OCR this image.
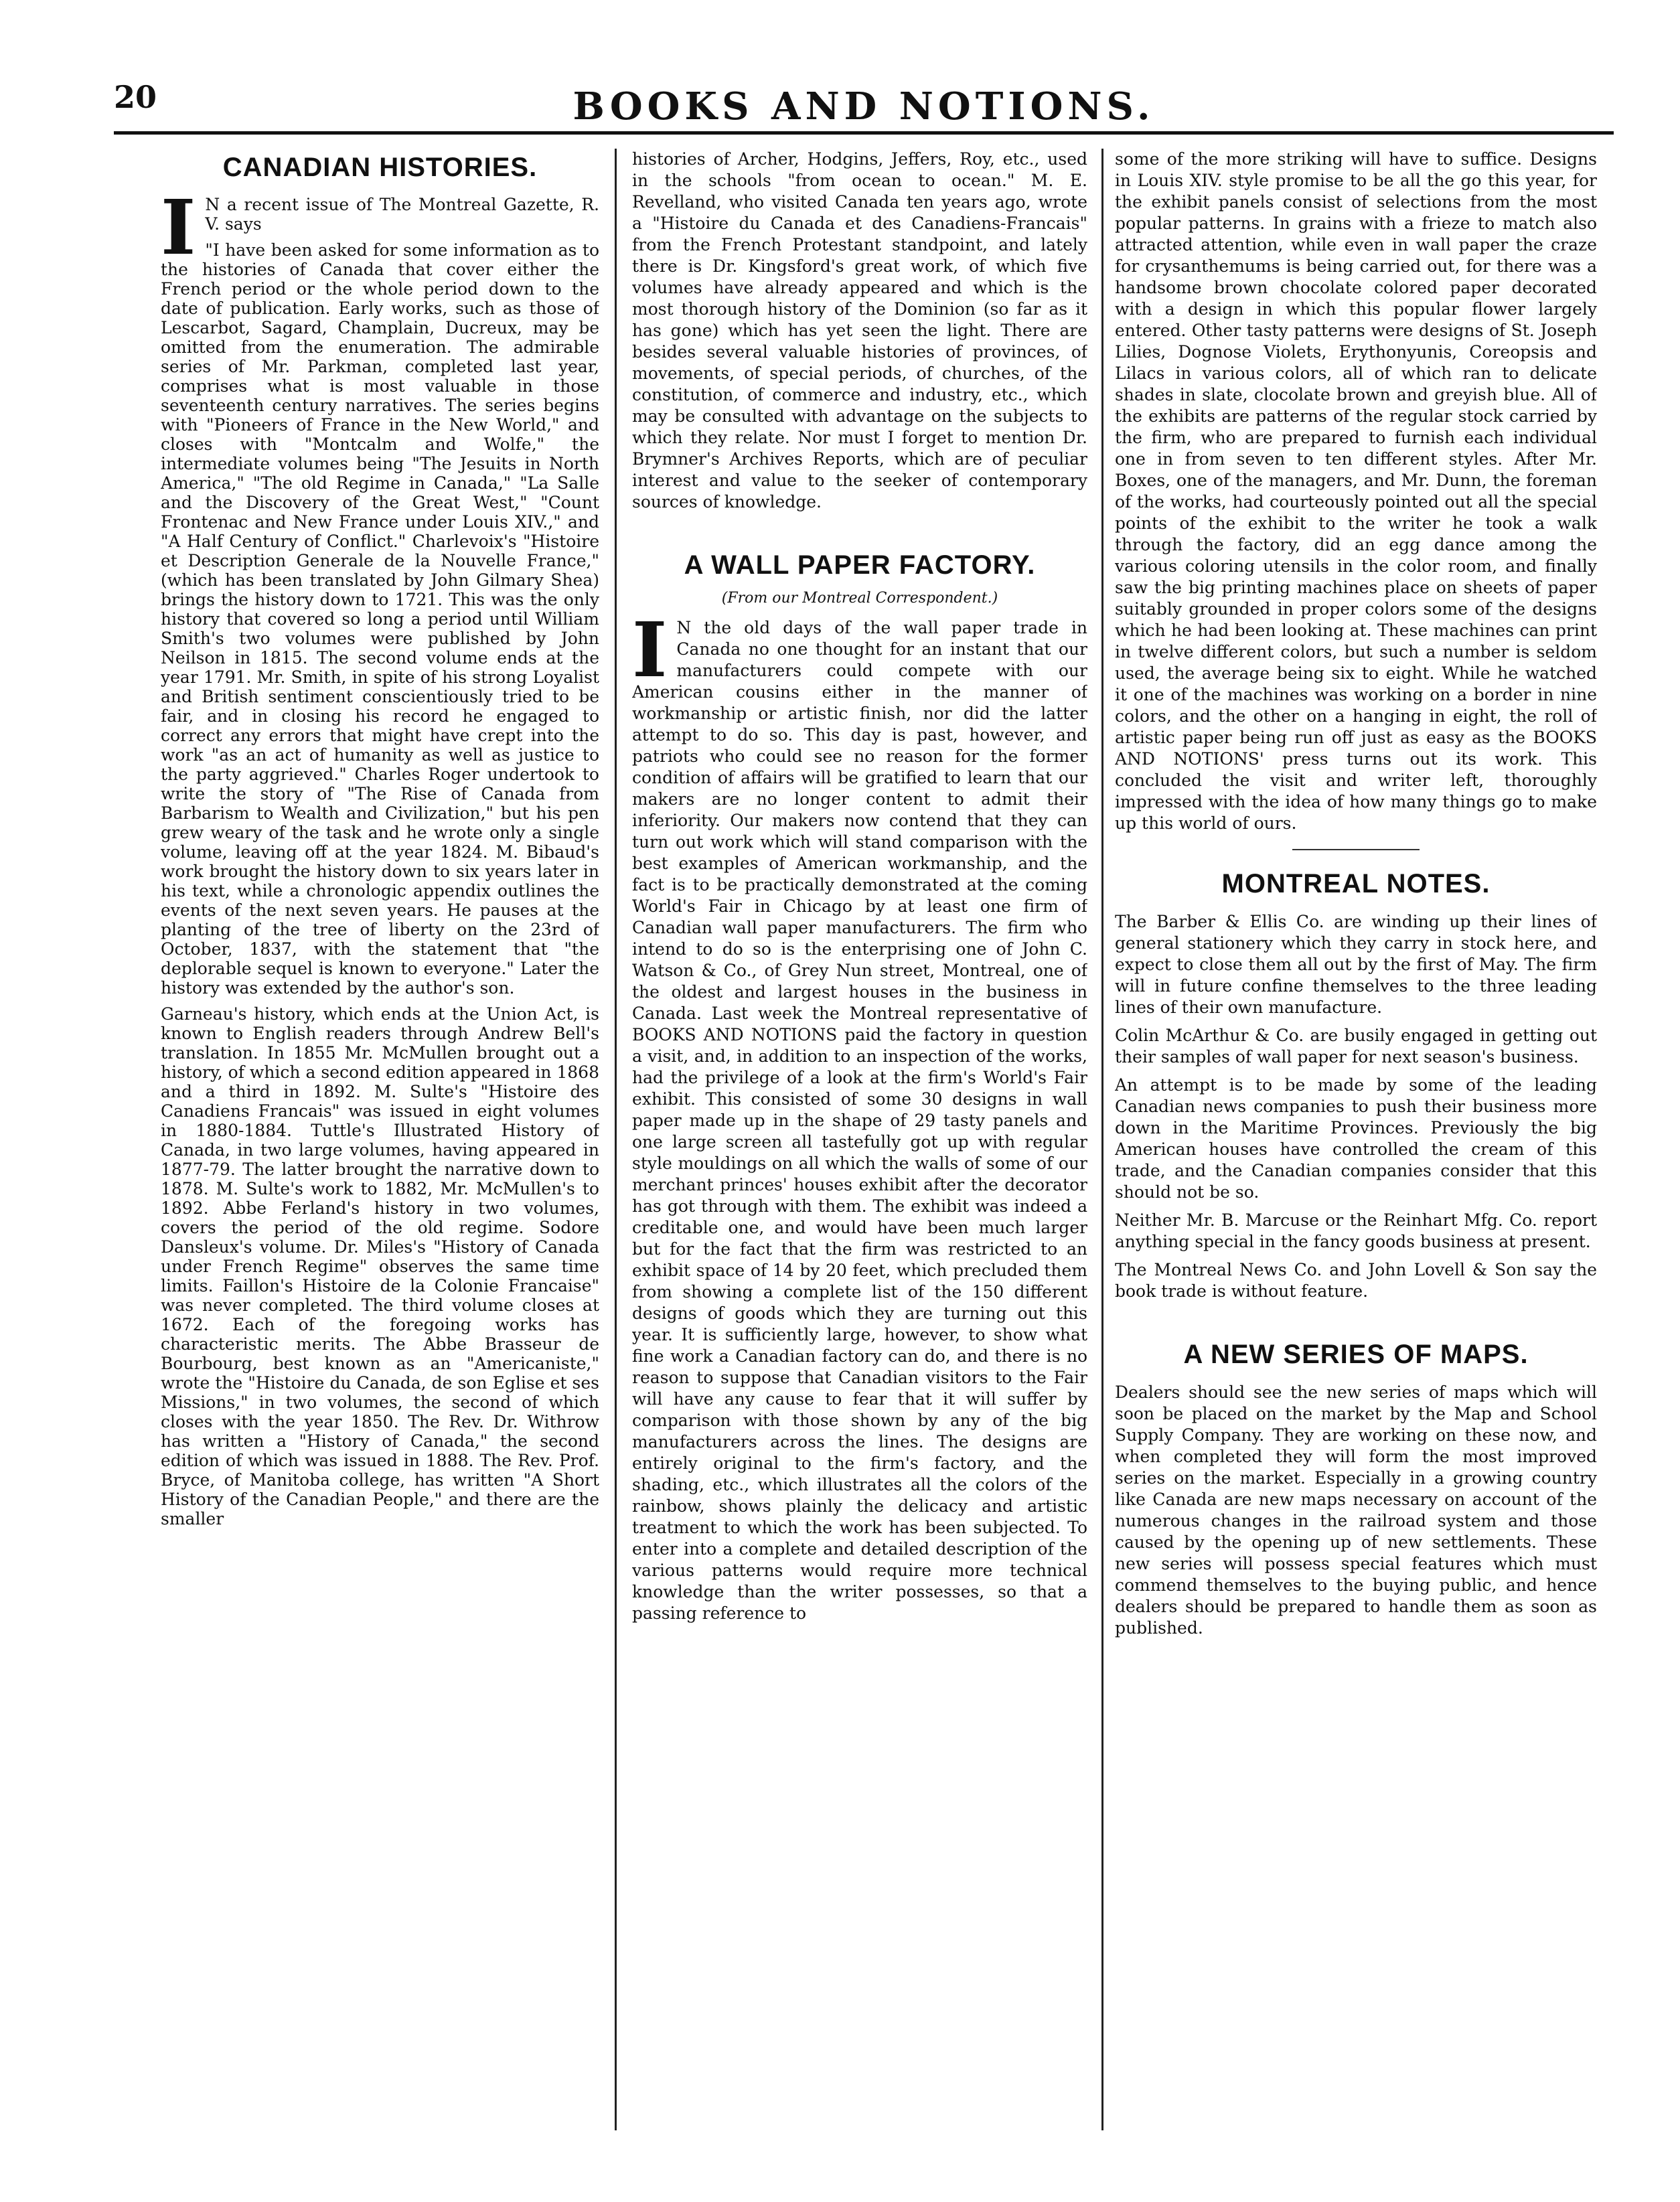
20	BOOKS AND NOTIONS.
CANADIAN HISTORIES.

I N a recent issue of The Montreal Gazette, R. V. says

"I have been asked for some information as to the histories of Canada that cover either the French period or the whole period down to the date of publication. Early works, such as those of Lescarbot, Sagard, Champlain, Ducreux, may be omitted from the enumeration. The admirable series of Mr. Parkman, completed last year, comprises what is most valuable in those seventeenth century narratives. The series begins with "Pioneers of France in the New World," and closes with "Montcalm and Wolfe," the intermediate volumes being "The Jesuits in North America," "The old Regime in Canada," "La Salle and the Discovery of the Great West," "Count Frontenac and New France under Louis XIV.," and "A Half Century of Conflict." Charlevoix's "Histoire et Description Generale de la Nouvelle France," (which has been translated by John Gilmary Shea) brings the history down to 1721. This was the only history that covered so long a period until William Smith's two volumes were published by John Neilson in 1815. The second volume ends at the year 1791. Mr. Smith, in spite of his strong Loyalist and British sentiment conscientiously tried to be fair, and in closing his record he engaged to correct any errors that might have crept into the work "as an act of humanity as well as justice to the party aggrieved." Charles Roger undertook to write the story of "The Rise of Canada from Barbarism to Wealth and Civilization," but his pen grew weary of the task and he wrote only a single volume, leaving off at the year 1824. M. Bibaud's work brought the history down to six years later in his text, while a chronologic appendix outlines the events of the next seven years. He pauses at the planting of the tree of liberty on the 23rd of October, 1837, with the statement that "the deplorable sequel is known to everyone." Later the history was extended by the author's son.

Garneau's history, which ends at the Union Act, is known to English readers through Andrew Bell's translation. In 1855 Mr. McMullen brought out a history, of which a second edition appeared in 1868 and a third in 1892. M. Sulte's "Histoire des Canadiens Francais" was issued in eight volumes in 1880-1884. Tuttle's Illustrated History of Canada, in two large volumes, having appeared in 1877-79. The latter brought the narrative down to 1878. M. Sulte's work to 1882, Mr. McMullen's to 1892. Abbe Ferland's history in two volumes, covers the period of the old regime. Sodore Dansleux's volume. Dr. Miles's "History of Canada under French Regime" observes the same time limits. Faillon's Histoire de la Colonie Francaise" was never completed. The third volume closes at 1672. Each of the foregoing works has characteristic merits. The Abbe Brasseur de Bourbourg, best known as an "Americaniste," wrote the "Histoire du Canada, de son Eglise et ses Missions," in two volumes, the second of which closes with the year 1850. The Rev. Dr. Withrow has written a "History of Canada," the second edition of which was issued in 1888. The Rev. Prof. Bryce, of Manitoba college, has written "A Short History of the Canadian People," and there are the smaller

histories of Archer, Hodgins, Jeffers, Roy, etc., used in the schools "from ocean to ocean." M. E. Revelland, who visited Canada ten years ago, wrote a "Histoire du Canada et des Canadiens-Francais" from the French Protestant standpoint, and lately there is Dr. Kingsford's great work, of which five volumes have already appeared and which is the most thorough history of the Dominion (so far as it has gone) which has yet seen the light. There are besides several valuable histories of provinces, of movements, of special periods, of churches, of the constitution, of commerce and industry, etc., which may be consulted with advantage on the subjects to which they relate. Nor must I forget to mention Dr. Brymner's Archives Reports, which are of peculiar interest and value to the seeker of contemporary sources of knowledge.

A WALL PAPER FACTORY.
(From our Montreal Correspondent.)

I N the old days of the wall paper trade in Canada no one thought for an instant that our manufacturers could compete with our American cousins either in the manner of workmanship or artistic finish, nor did the latter attempt to do so. This day is past, however, and patriots who could see no reason for the former condition of affairs will be gratified to learn that our makers are no longer content to admit their inferiority. Our makers now contend that they can turn out work which will stand comparison with the best examples of American workmanship, and the fact is to be practically demonstrated at the coming World's Fair in Chicago by at least one firm of Canadian wall paper manufacturers. The firm who intend to do so is the enterprising one of John C. Watson & Co., of Grey Nun street, Montreal, one of the oldest and largest houses in the business in Canada. Last week the Montreal representative of BOOKS AND NOTIONS paid the factory in question a visit, and, in addition to an inspection of the works, had the privilege of a look at the firm's World's Fair exhibit. This consisted of some 30 designs in wall paper made up in the shape of 29 tasty panels and one large screen all tastefully got up with regular style mouldings on all which the walls of some of our merchant princes' houses exhibit after the decorator has got through with them. The exhibit was indeed a creditable one, and would have been much larger but for the fact that the firm was restricted to an exhibit space of 14 by 20 feet, which precluded them from showing a complete list of the 150 different designs of goods which they are turning out this year. It is sufficiently large, however, to show what fine work a Canadian factory can do, and there is no reason to suppose that Canadian visitors to the Fair will have any cause to fear that it will suffer by comparison with those shown by any of the big manufacturers across the lines. The designs are entirely original to the firm's factory, and the shading, etc., which illustrates all the colors of the rainbow, shows plainly the delicacy and artistic treatment to which the work has been subjected. To enter into a complete and detailed description of the various patterns would require more technical knowledge than the writer possesses, so that a passing reference to

some of the more striking will have to suffice. Designs in Louis XIV. style promise to be all the go this year, for the exhibit panels consist of selections from the most popular patterns. In grains with a frieze to match also attracted attention, while even in wall paper the craze for crysanthemums is being carried out, for there was a handsome brown chocolate colored paper decorated with a design in which this popular flower largely entered. Other tasty patterns were designs of St. Joseph Lilies, Dognose Violets, Erythonyunis, Coreopsis and Lilacs in various colors, all of which ran to delicate shades in slate, clocolate brown and greyish blue. All of the exhibits are patterns of the regular stock carried by the firm, who are prepared to furnish each individual one in from seven to ten different styles. After Mr. Boxes, one of the managers, and Mr. Dunn, the foreman of the works, had courteously pointed out all the special points of the exhibit to the writer he took a walk through the factory, did an egg dance among the various coloring utensils in the color room, and finally saw the big printing machines place on sheets of paper suitably grounded in proper colors some of the designs which he had been looking at. These machines can print in twelve different colors, but such a number is seldom used, the average being six to eight. While he watched it one of the machines was working on a border in nine colors, and the other on a hanging in eight, the roll of artistic paper being run off just as easy as the BOOKS AND NOTIONS' press turns out its work. This concluded the visit and writer left, thoroughly impressed with the idea of how many things go to make up this world of ours.

MONTREAL NOTES.

The Barber & Ellis Co. are winding up their lines of general stationery which they carry in stock here, and expect to close them all out by the first of May. The firm will in future confine themselves to the three leading lines of their own manufacture.

Colin McArthur & Co. are busily engaged in getting out their samples of wall paper for next season's business.

An attempt is to be made by some of the leading Canadian news companies to push their business more down in the Maritime Provinces. Previously the big American houses have controlled the cream of this trade, and the Canadian companies consider that this should not be so.

Neither Mr. B. Marcuse or the Reinhart Mfg. Co. report anything special in the fancy goods business at present.

The Montreal News Co. and John Lovell & Son say the book trade is without feature.

A NEW SERIES OF MAPS.

Dealers should see the new series of maps which will soon be placed on the market by the Map and School Supply Company. They are working on these now, and when completed they will form the most improved series on the market. Especially in a growing country like Canada are new maps necessary on account of the numerous changes in the railroad system and those caused by the opening up of new settlements. These new series will possess special features which must commend themselves to the buying public, and hence dealers should be prepared to handle them as soon as published.
